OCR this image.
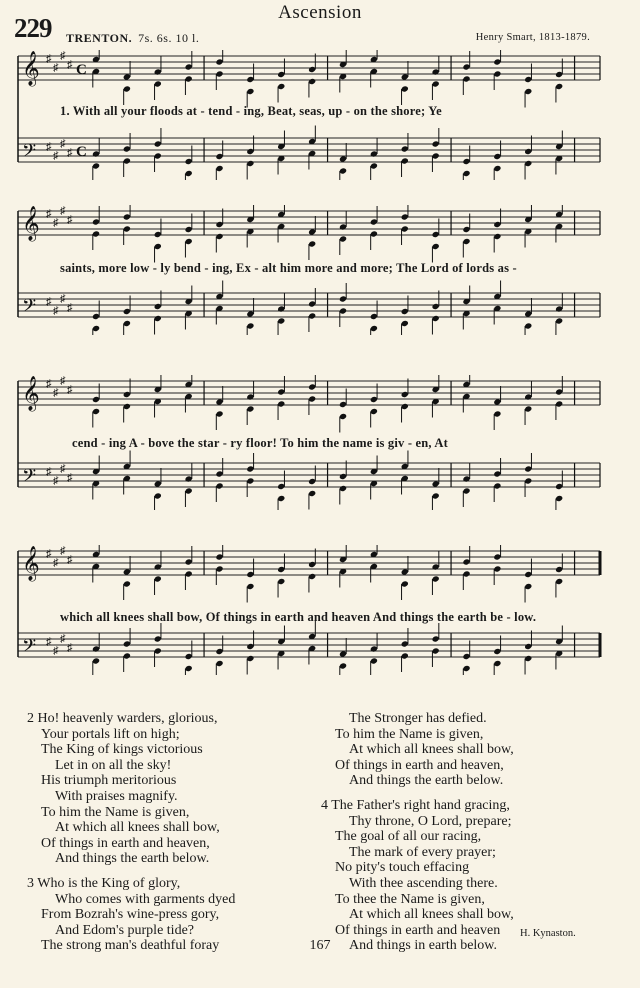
Ascension
229 TRENTON. 7s. 6s. 10 l.	Henry Smart, 1813-1879.
𝄞 ♯
♯
♯
♯ C
𝄢 ♯
♯
♯
♯ C
1. With all your floods at - tend - ing, Beat, seas, up - on the shore; Ye
𝄞 ♯
♯
♯
♯
𝄢 ♯
♯
♯
♯
saints, more low - ly bend - ing, Ex - alt him more and more; The Lord of lords as -
𝄞 ♯
♯
♯
♯
𝄢 ♯
♯
♯
♯
cend - ing A - bove the star - ry floor! To him the name is giv - en, At
𝄞 ♯
♯
♯
♯
𝄢 ♯
♯
♯
♯
which all knees shall bow, Of things in earth and heaven And things the earth be - low.
2 Ho! heavenly warders, glorious,
Your portals lift on high;
The King of kings victorious
Let in on all the sky!
His triumph meritorious
With praises magnify.
To him the Name is given,
At which all knees shall bow,
Of things in earth and heaven,
And things the earth below.
3 Who is the King of glory,
Who comes with garments dyed
From Bozrah's wine-press gory,
And Edom's purple tide?
The strong man's deathful foray
The Stronger has defied.
To him the Name is given,
At which all knees shall bow,
Of things in earth and heaven,
And things the earth below.
4 The Father's right hand gracing,
Thy throne, O Lord, prepare;
The goal of all our racing,
The mark of every prayer;
No pity's touch effacing
With thee ascending there.
To thee the Name is given,
At which all knees shall bow,
Of things in earth and heaven
And things in earth below.
H. Kynaston.
167
